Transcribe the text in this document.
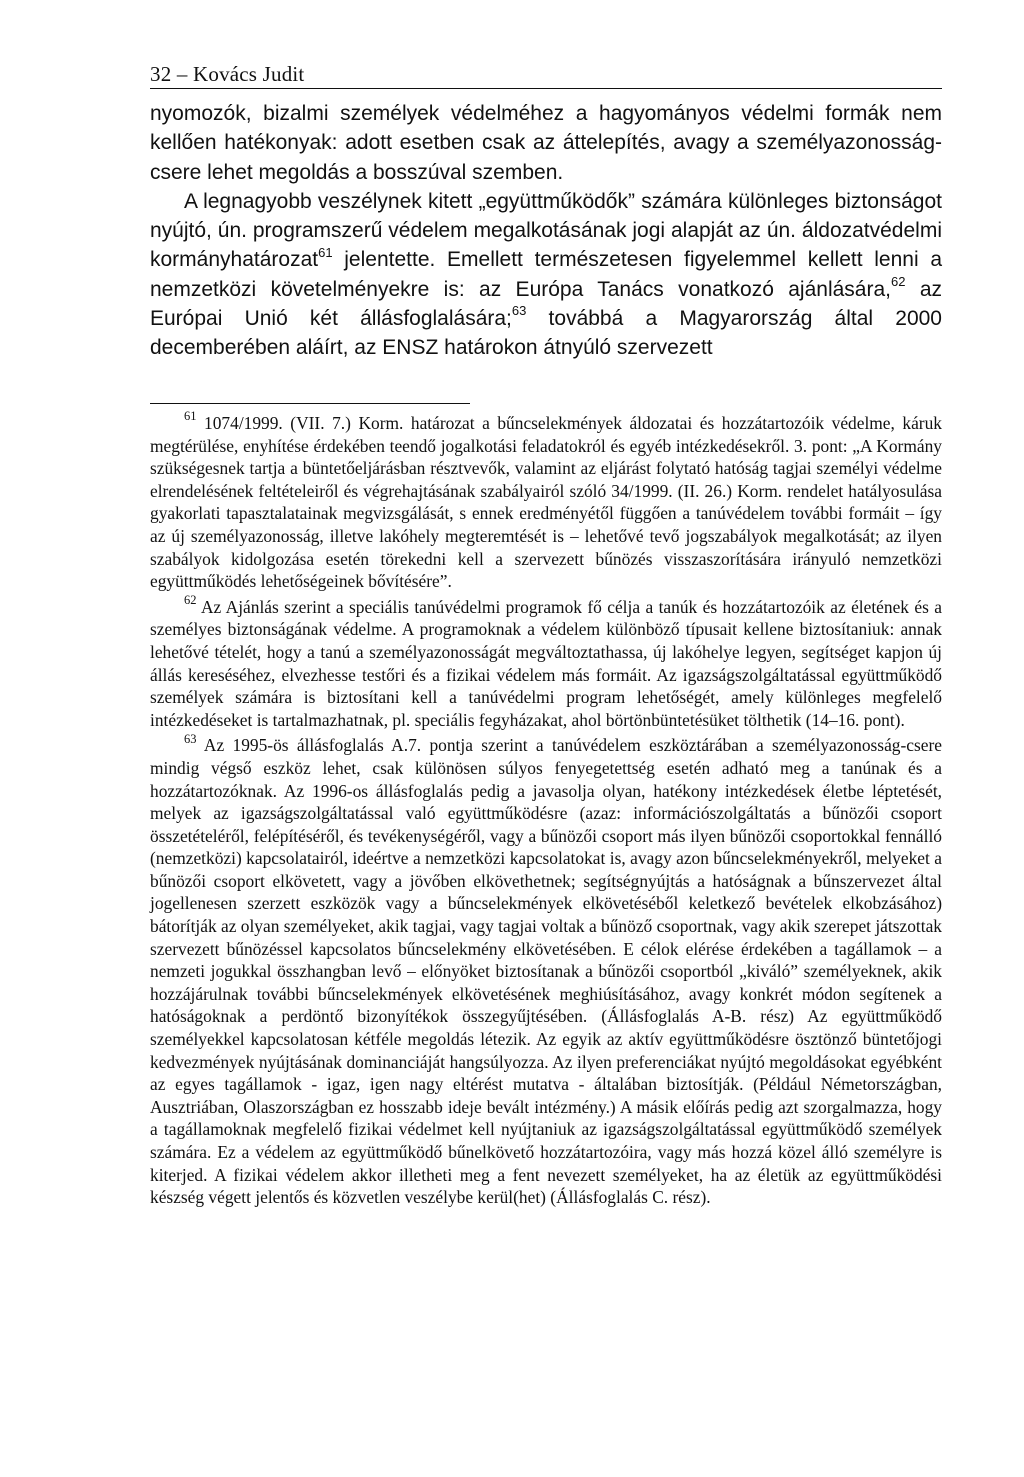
32 – Kovács Judit

nyomozók, bizalmi személyek védelméhez a hagyományos védelmi formák nem kellően hatékonyak: adott esetben csak az áttelepítés, avagy a személyazonosság-csere lehet megoldás a bosszúval szemben.

A legnagyobb veszélynek kitett „együttműködők” számára különleges biztonságot nyújtó, ún. programszerű védelem megalkotásának jogi alapját az ún. áldozatvédelmi kormányhatározat$^{61}$ jelentette. Emellett természetesen figyelemmel kellett lenni a nemzetközi követelményekre is: az Európa Tanács vonatkozó ajánlására,$^{62}$ az Európai Unió két állásfoglalására;$^{63}$ továbbá a Magyarország által 2000 decemberében aláírt, az ENSZ határokon átnyúló szervezett

$^{61}$ 1074/1999. (VII. 7.) Korm. határozat a bűncselekmények áldozatai és hozzátartozóik védelme, káruk megtérülése, enyhítése érdekében teendő jogalkotási feladatokról és egyéb intézkedésekről. 3. pont: „A Kormány szükségesnek tartja a büntetőeljárásban résztvevők, valamint az eljárást folytató hatóság tagjai személyi védelme elrendelésének feltételeiről és végrehajtásának szabályairól szóló 34/1999. (II. 26.) Korm. rendelet hatályosulása gyakorlati tapasztalatainak megvizsgálását, s ennek eredményétől függően a tanúvédelem további formáit – így az új személyazonosság, illetve lakóhely megteremtését is – lehetővé tevő jogszabályok megalkotását; az ilyen szabályok kidolgozása esetén törekedni kell a szervezett bűnözés visszaszorítására irányuló nemzetközi együttműködés lehetőségeinek bővítésére”.

$^{62}$ Az Ajánlás szerint a speciális tanúvédelmi programok fő célja a tanúk és hozzátartozóik az életének és a személyes biztonságának védelme. A programoknak a védelem különböző típusait kellene biztosítaniuk: annak lehetővé tételét, hogy a tanú a személyazonosságát megváltoztathassa, új lakóhelye legyen, segítséget kapjon új állás kereséséhez, elvezhesse testőri és a fizikai védelem más formáit. Az igazságszolgáltatással együttműködő személyek számára is biztosítani kell a tanúvédelmi program lehetőségét, amely különleges megfelelő intézkedéseket is tartalmazhatnak, pl. speciális fegyházakat, ahol börtönbüntetésüket tölthetik (14–16. pont).

$^{63}$ Az 1995-ös állásfoglalás A.7. pontja szerint a tanúvédelem eszköztárában a személyazonosság-csere mindig végső eszköz lehet, csak különösen súlyos fenyegetettség esetén adható meg a tanúnak és a hozzátartozóknak. Az 1996-os állásfoglalás pedig a javasolja olyan, hatékony intézkedések életbe léptetését, melyek az igazságszolgáltatással való együttműködésre (azaz: információszolgáltatás a bűnözői csoport összetételéről, felépítéséről, és tevékenységéről, vagy a bűnözői csoport más ilyen bűnözői csoportokkal fennálló (nemzetközi) kapcsolatairól, ideértve a nemzetközi kapcsolatokat is, avagy azon bűncselekményekről, melyeket a bűnözői csoport elkövetett, vagy a jövőben elkövethetnek; segítségnyújtás a hatóságnak a bűnszervezet által jogellenesen szerzett eszközök vagy a bűncselekmények elkövetéséből keletkező bevételek elkobzásához) bátorítják az olyan személyeket, akik tagjai, vagy tagjai voltak a bűnöző csoportnak, vagy akik szerepet játszottak szervezett bűnözéssel kapcsolatos bűncselekmény elkövetésében. E célok elérése érdekében a tagállamok – a nemzeti jogukkal összhangban levő – előnyöket biztosítanak a bűnözői csoportból „kiváló” személyeknek, akik hozzájárulnak további bűncselekmények elkövetésének meghiúsításához, avagy konkrét módon segítenek a hatóságoknak a perdöntő bizonyítékok összegyűjtésében. (Állásfoglalás A-B. rész) Az együttműködő személyekkel kapcsolatosan kétféle megoldás létezik. Az egyik az aktív együttműködésre ösztönző büntetőjogi kedvezmények nyújtásának dominanciáját hangsúlyozza. Az ilyen preferenciákat nyújtó megoldásokat egyébként az egyes tagállamok - igaz, igen nagy eltérést mutatva - általában biztosítják. (Például Németországban, Ausztriában, Olaszországban ez hosszabb ideje bevált intézmény.) A másik előírás pedig azt szorgalmazza, hogy a tagállamoknak megfelelő fizikai védelmet kell nyújtaniuk az igazságszolgáltatással együttműködő személyek számára. Ez a védelem az együttműködő bűnelkövető hozzátartozóira, vagy más hozzá közel álló személyre is kiterjed. A fizikai védelem akkor illetheti meg a fent nevezett személyeket, ha az életük az együttműködési készség végett jelentős és közvetlen veszélybe kerül(het) (Állásfoglalás C. rész).
